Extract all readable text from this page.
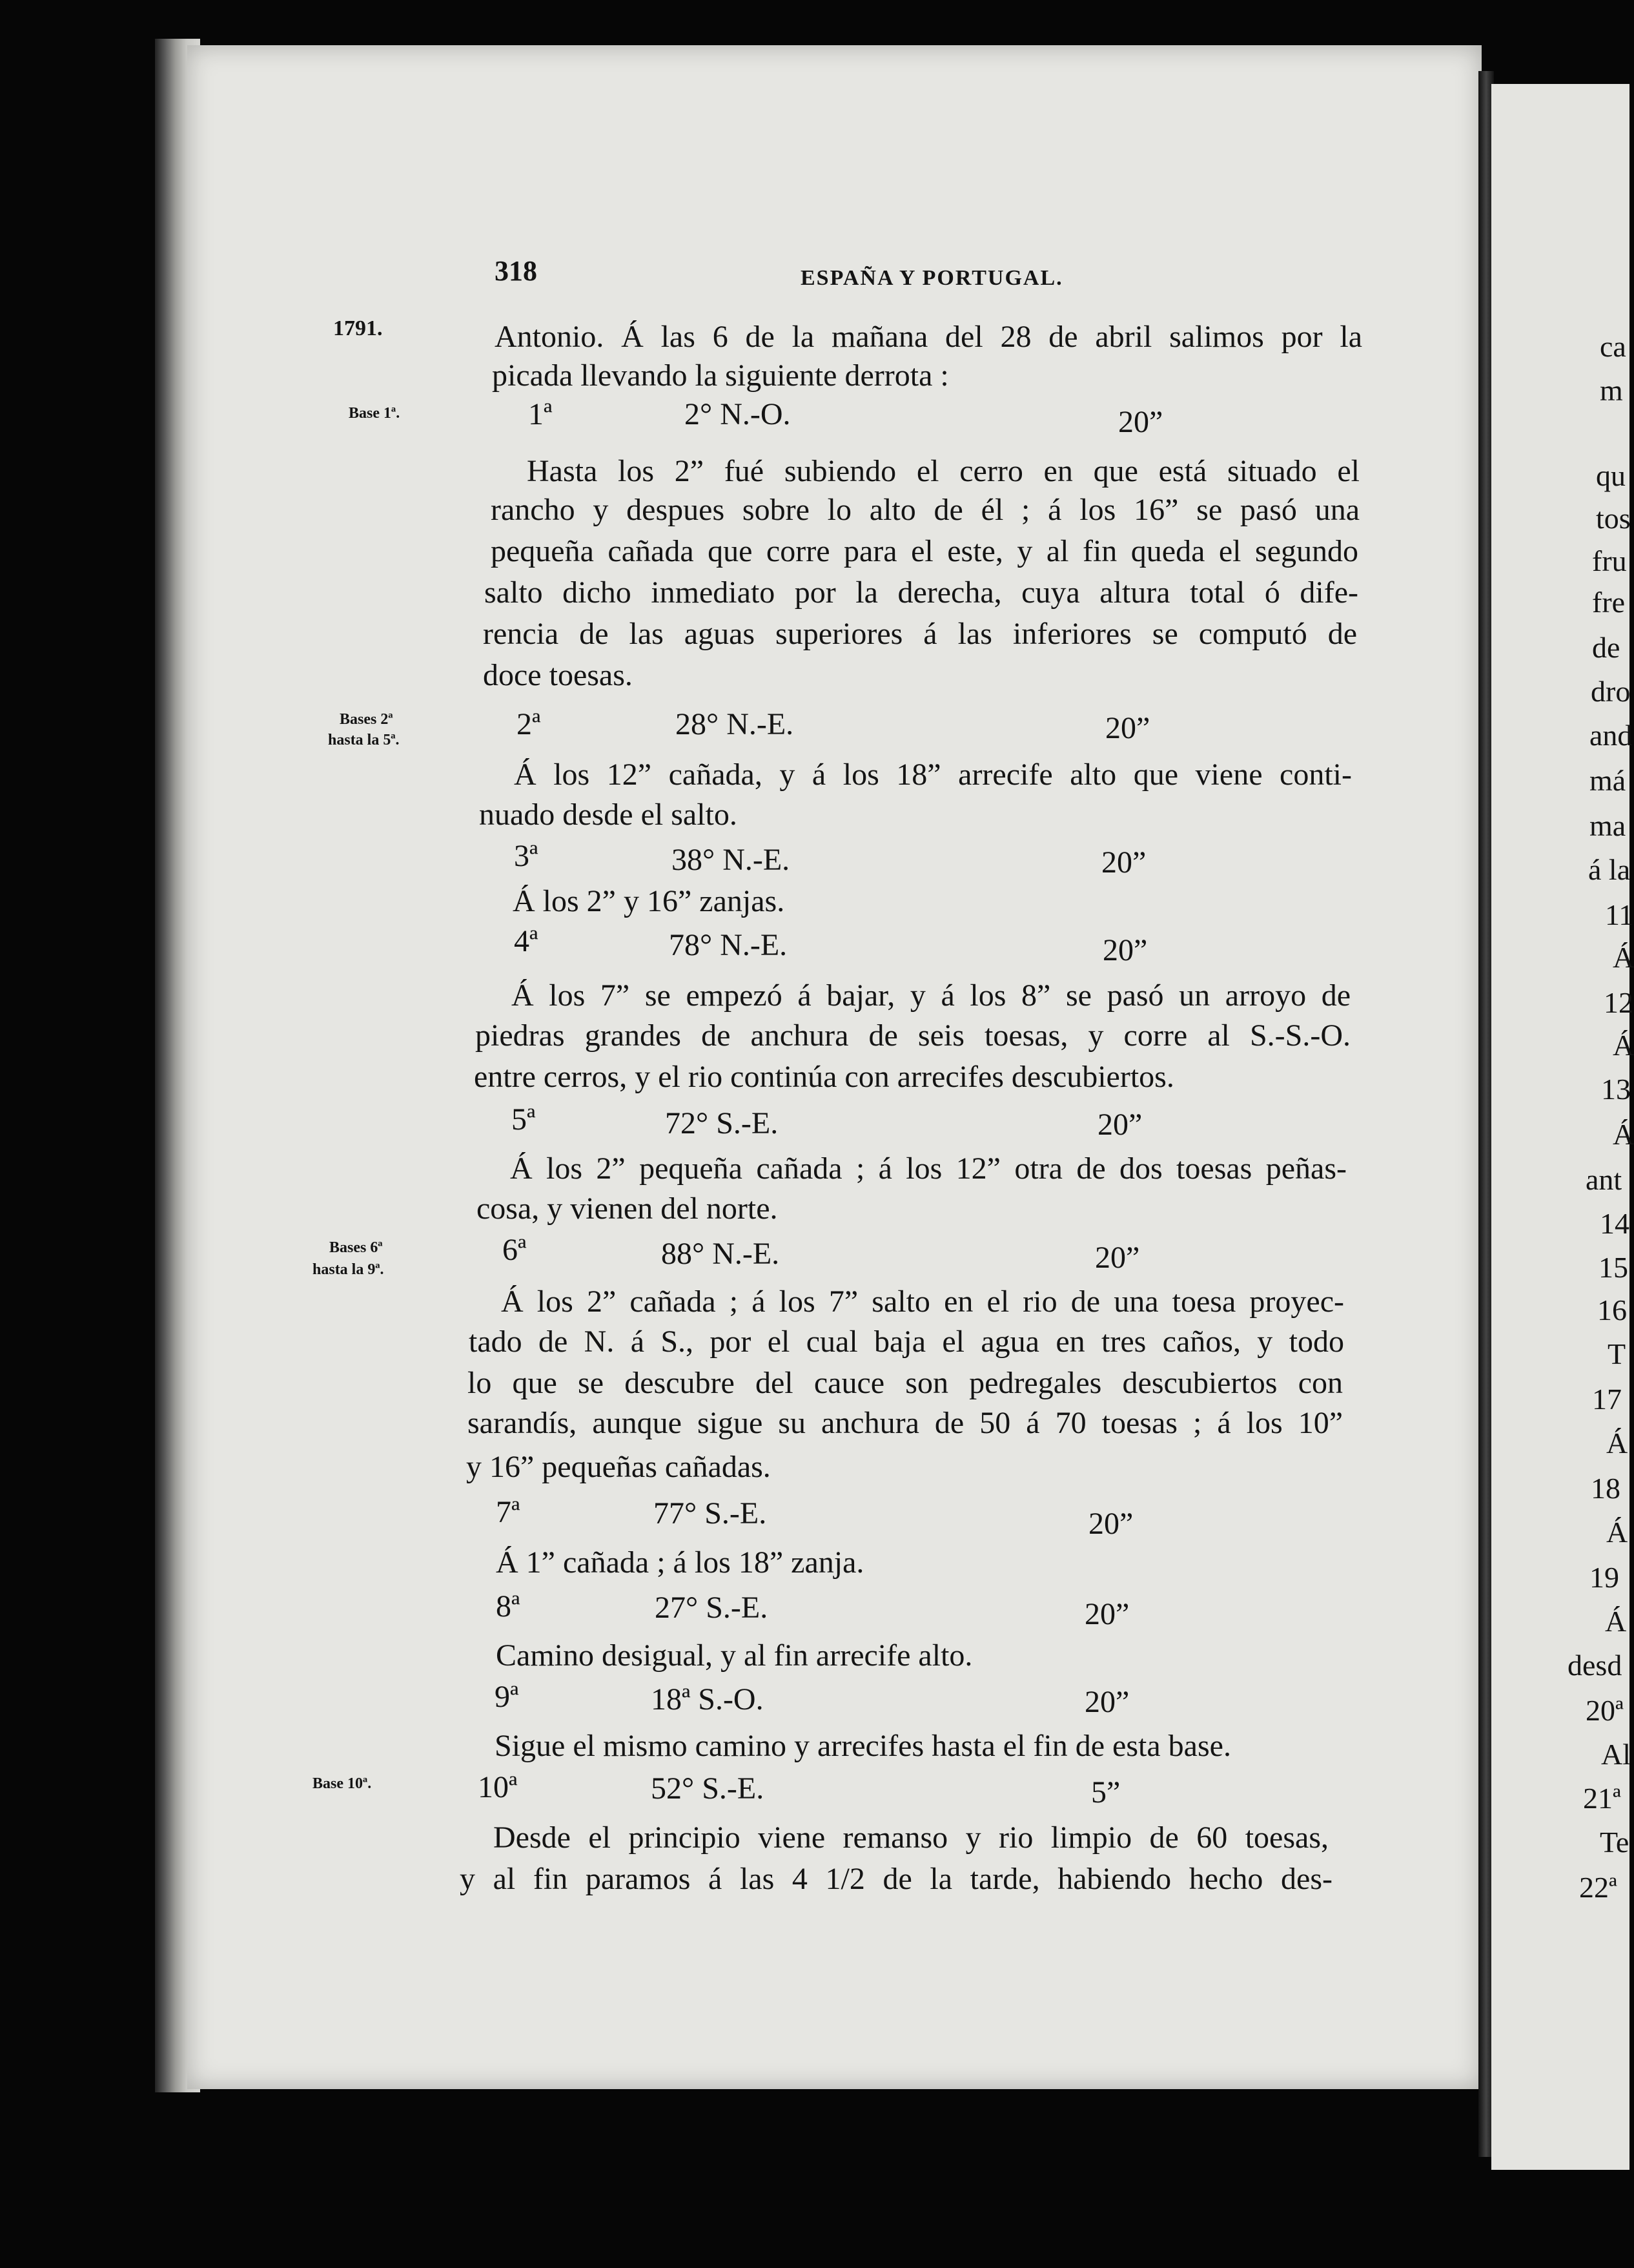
318	ESPAÑA Y PORTUGAL.
1791.
Base 1ª.
Bases 2ª
hasta la 5ª.
Bases 6ª
hasta la 9ª.
Base 10ª.
Antonio. Á las 6 de la mañana del 28 de abril salimos por la
picada llevando la siguiente derrota :
1ª	2° N.-O.	20”
Hasta los 2” fué subiendo el cerro en que está situado el
rancho y despues sobre lo alto de él ; á los 16” se pasó una
pequeña cañada que corre para el este, y al fin queda el segundo
salto dicho inmediato por la derecha, cuya altura total ó dife-
rencia de las aguas superiores á las inferiores se computó de
doce toesas.
2ª	28° N.-E.	20”
Á los 12” cañada, y á los 18” arrecife alto que viene conti-
nuado desde el salto.
3ª	38° N.-E.	20”
Á los 2” y 16” zanjas.
4ª	78° N.-E.	20”
Á los 7” se empezó á bajar, y á los 8” se pasó un arroyo de
piedras grandes de anchura de seis toesas, y corre al S.-S.-O.
entre cerros, y el rio continúa con arrecifes descubiertos.
5ª	72° S.-E.	20”
Á los 2” pequeña cañada ; á los 12” otra de dos toesas peñas-
cosa, y vienen del norte.
6ª	88° N.-E.	20”
Á los 2” cañada ; á los 7” salto en el rio de una toesa proyec-
tado de N. á S., por el cual baja el agua en tres caños, y todo
lo que se descubre del cauce son pedregales descubiertos con
sarandís, aunque sigue su anchura de 50 á 70 toesas ; á los 10”
y 16” pequeñas cañadas.
7ª	77° S.-E.	20”
Á 1” cañada ; á los 18” zanja.
8ª	27° S.-E.	20”
Camino desigual, y al fin arrecife alto.
9ª	18ª S.-O.	20”
Sigue el mismo camino y arrecifes hasta el fin de esta base.
10ª	52° S.-E.	5”
Desde el principio viene remanso y rio limpio de 60 toesas,
y al fin paramos á las 4 1/2 de la tarde, habiendo hecho des-
ca
m
qu
tos
fru
fre
de
dro
and
má
ma
á la
11
Á
12
Á
13
Á
ant
14
15
16
T
17
Á
18
Á
19
Á
desd
20ª
Al
21ª
Te
22ª
